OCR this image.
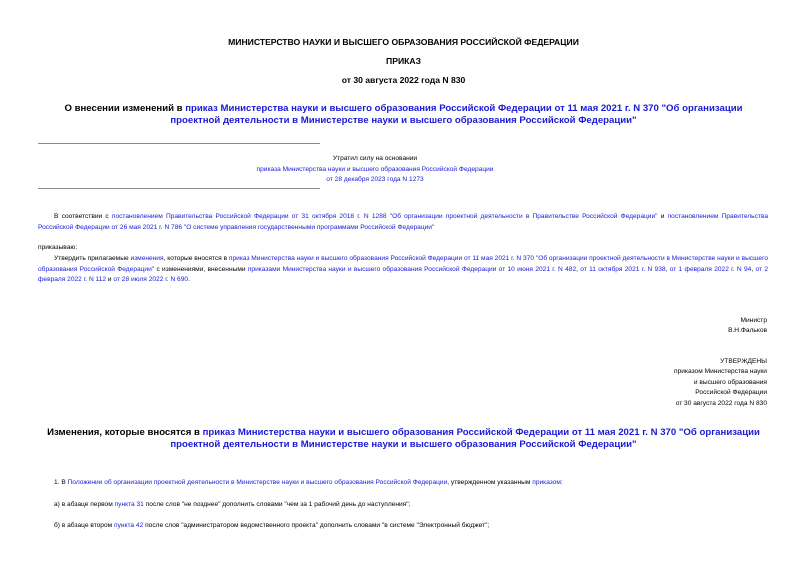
МИНИСТЕРСТВО НАУКИ И ВЫСШЕГО ОБРАЗОВАНИЯ РОССИЙСКОЙ ФЕДЕРАЦИИ
ПРИКАЗ
от 30 августа 2022 года N 830
О внесении изменений в приказ Министерства науки и высшего образования Российской Федерации от 11 мая 2021 г. N 370 "Об организации проектной деятельности в Министерстве науки и высшего образования Российской Федерации"
Утратил силу на основании
приказа Министерства науки и высшего образования Российской Федерации
от 28 декабря 2023 года N 1273
В соответствии с постановлением Правительства Российской Федерации от 31 октября 2018 г. N 1288 "Об организации проектной деятельности в Правительстве Российской Федерации" и постановлением Правительства Российской Федерации от 26 мая 2021 г. N 786 "О системе управления государственными программами Российской Федерации"
приказываю:
Утвердить прилагаемые изменения, которые вносятся в приказ Министерства науки и высшего образования Российской Федерации от 11 мая 2021 г. N 370 "Об организации проектной деятельности в Министерстве науки и высшего образования Российской Федерации" с изменениями, внесенными приказами Министерства науки и высшего образования Российской Федерации от 10 июня 2021 г. N 482, от 11 октября 2021 г. N 938, от 1 февраля 2022 г. N 94, от 2 февраля 2022 г. N 112 и от 28 июля 2022 г. N 690.
Министр
В.Н.Фальков
УТВЕРЖДЕНЫ
приказом Министерства науки
и высшего образования
Российской Федерации
от 30 августа 2022 года N 830
Изменения, которые вносятся в приказ Министерства науки и высшего образования Российской Федерации от 11 мая 2021 г. N 370 "Об организации проектной деятельности в Министерстве науки и высшего образования Российской Федерации"
1. В Положении об организации проектной деятельности в Министерстве науки и высшего образования Российской Федерации, утвержденном указанным приказом:
а) в абзаце первом пункта 31 после слов "не позднее" дополнить словами "чем за 1 рабочий день до наступления";
б) в абзаце втором пункта 42 после слов "администратором ведомственного проекта" дополнить словами "в системе "Электронный бюджет";
